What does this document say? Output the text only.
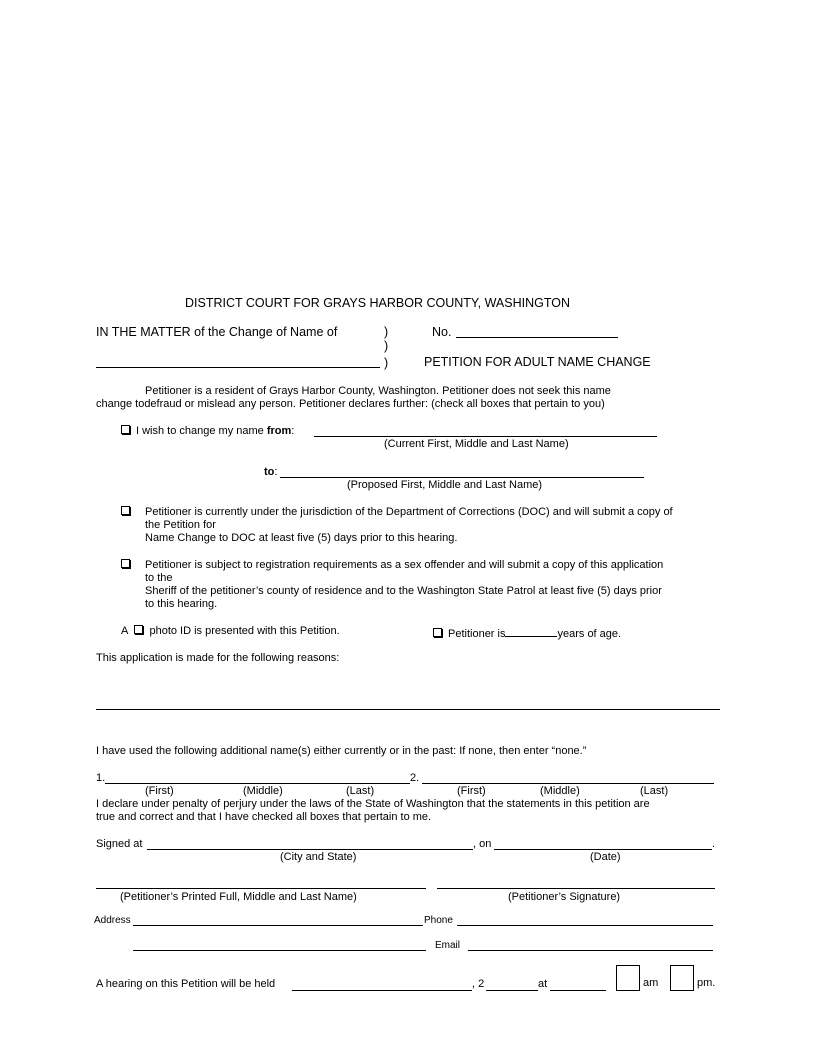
DISTRICT COURT FOR GRAYS HARBOR COUNTY, WASHINGTON
IN THE MATTER of the Change of Name of	)
)
)
No.
PETITION FOR ADULT NAME CHANGE
Petitioner is a resident of Grays Harbor County, Washington. Petitioner does not seek this name
change todefraud or mislead any person. Petitioner declares further: (check all boxes that pertain to you)
I wish to change my name from:
(Current First, Middle and Last Name)
to:
(Proposed First, Middle and Last Name)
Petitioner is currently under the jurisdiction of the Department of Corrections (DOC) and will submit a copy of
the Petition for
Name Change to DOC at least five (5) days prior to this hearing.
Petitioner is subject to registration requirements as a sex offender and will submit a copy of this application
to the
Sheriff of the petitioner’s county of residence and to the Washington State Patrol at least five (5) days prior
to this hearing.
A photo ID is presented with this Petition.	Petitioner is	years of age.
This application is made for the following reasons:
I have used the following additional name(s) either currently or in the past: If none, then enter “none.”
1.	2.
(First)	(Middle)	(Last)	(First)	(Middle)	(Last)
I declare under penalty of perjury under the laws of the State of Washington that the statements in this petition are
true and correct and that I have checked all boxes that pertain to me.
Signed at	, on	.
(City and State)	(Date)
(Petitioner’s Printed Full, Middle and Last Name)	(Petitioner’s Signature)
Address	Phone
Email
A hearing on this Petition will be held	, 2	at	am	pm.
